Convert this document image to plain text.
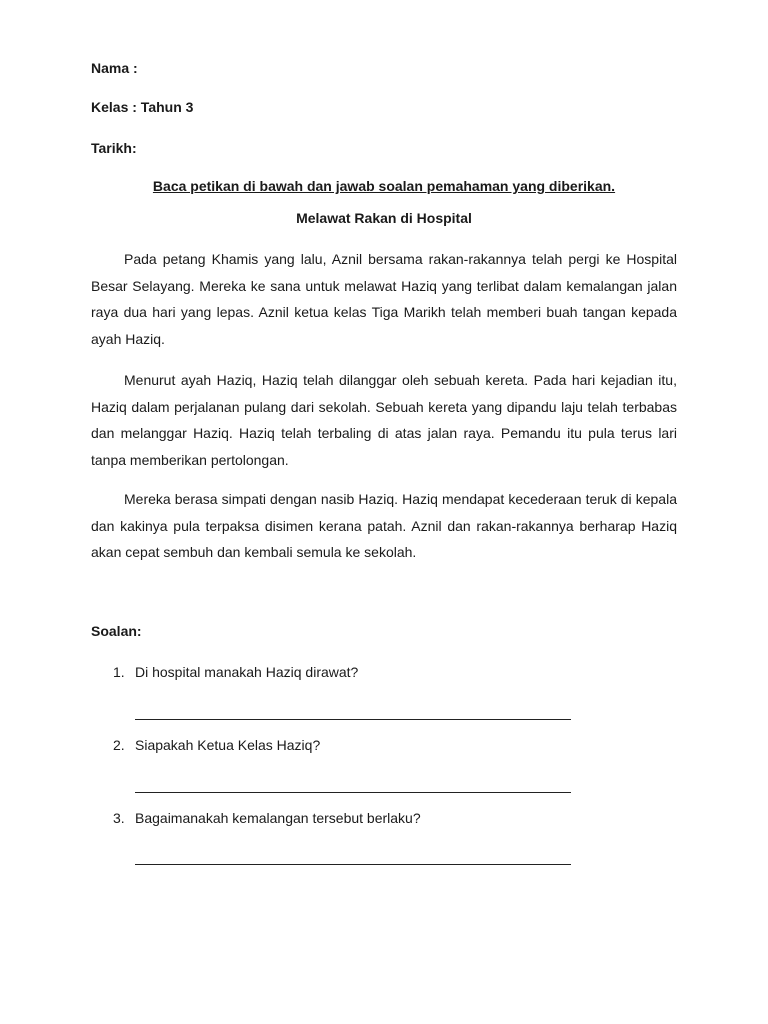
Nama :
Kelas : Tahun 3
Tarikh:
Baca petikan di bawah dan jawab soalan pemahaman yang diberikan.
Melawat Rakan di Hospital

Pada petang Khamis yang lalu, Aznil bersama rakan-rakannya telah pergi ke Hospital Besar Selayang. Mereka ke sana untuk melawat Haziq yang terlibat dalam kemalangan jalan raya dua hari yang lepas. Aznil ketua kelas Tiga Marikh telah memberi buah tangan kepada ayah Haziq.

Menurut ayah Haziq, Haziq telah dilanggar oleh sebuah kereta. Pada hari kejadian itu, Haziq dalam perjalanan pulang dari sekolah. Sebuah kereta yang dipandu laju telah terbabas dan melanggar Haziq. Haziq telah terbaling di atas jalan raya. Pemandu itu pula terus lari tanpa memberikan pertolongan.

Mereka berasa simpati dengan nasib Haziq. Haziq mendapat kecederaan teruk di kepala dan kakinya pula terpaksa disimen kerana patah. Aznil dan rakan-rakannya berharap Haziq akan cepat sembuh dan kembali semula ke sekolah.

Soalan:
1. Di hospital manakah Haziq dirawat?
2. Siapakah Ketua Kelas Haziq?
3. Bagaimanakah kemalangan tersebut berlaku?
